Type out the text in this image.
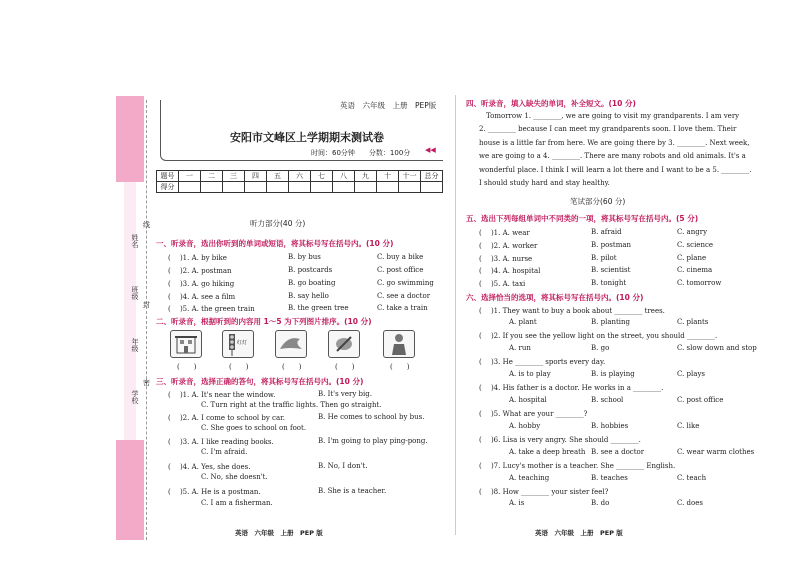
姓名
班级
年级
学校
线
封
密
英语　六年级　上册　PEP版
安阳市文峰区上学期期末测试卷
时间：60分钟　　分数：100分 ◀◀
题号	一	二	三	四	五	六	七	八	九	十	十一	总分
得分												
听力部分(40 分)
一、听录音，选出你听到的单词或短语，将其标号写在括号内。(10 分)
( 　)1. A. by bike	B. by bus	C. buy a bike
( 　)2. A. postman	B. postcards	C. post office
( 　)3. A. go hiking	B. go boating	C. go swimming
( 　)4. A. see a film	B. say hello	C. see a doctor
( 　)5. A. the green train	B. the green tree	C. take a train
二、听录音，根据听到的内容用 1～5 为下列图片排序。(10 分)
红灯
(　　)	(　　)	(　　)	(　　)	(　　)
三、听录音，选择正确的答句，将其标号写在括号内。(10 分)
( 　)1. A. It's near the window.	B. It's very big.
C. Turn right at the traffic lights. Then go straight.
( 　)2. A. I come to school by car.	B. He comes to school by bus.
C. She goes to school on foot.
( 　)3. A. I like reading books.	B. I'm going to play ping-pong.
C. I'm afraid.
( 　)4. A. Yes, she does.	B. No, I don't.
C. No, she doesn't.
( 　)5. A. He is a postman.	B. She is a teacher.
C. I am a fisherman.
四、听录音，填入缺失的单词，补全短文。(10 分)
　Tomorrow 1. ________, we are going to visit my grandparents. I am very
2. ________ because I can meet my grandparents soon. I love them. Their
house is a little far from here. We are going there by 3. ________. Next week,
we are going to a 4. ________. There are many robots and old animals. It's a
wonderful place. I think I will learn a lot there and I want to be a 5. ________.
I should study hard and stay healthy.
笔试部分(60 分)
五、选出下列每组单词中不同类的一项，将其标号写在括号内。(5 分)
( 　)1. A. wear	B. afraid	C. angry
( 　)2. A. worker	B. postman	C. science
( 　)3. A. nurse	B. pilot	C. plane
( 　)4. A. hospital	B. scientist	C. cinema
( 　)5. A. taxi	B. tonight	C. tomorrow
六、选择恰当的选项，将其标号写在括号内。(10 分)
( 　)1. They want to buy a book about ________ trees.
A. plant	B. planting	C. plants
( 　)2. If you see the yellow light on the street, you should ________.
A. run	B. go	C. slow down and stop
( 　)3. He ________ sports every day.
A. is to play	B. is playing	C. plays
( 　)4. His father is a doctor. He works in a ________.
A. hospital	B. school	C. post office
( 　)5. What are your ________?
A. hobby	B. hobbies	C. like
( 　)6. Lisa is very angry. She should ________.
A. take a deep breath B. see a doctor	C. wear warm clothes
( 　)7. Lucy's mother is a teacher. She ________ English.
A. teaching	B. teaches	C. teach
( 　)8. How ________ your sister feel?
A. is	B. do	C. does
英语　六年级　上册　PEP 版	英语　六年级　上册　PEP 版
